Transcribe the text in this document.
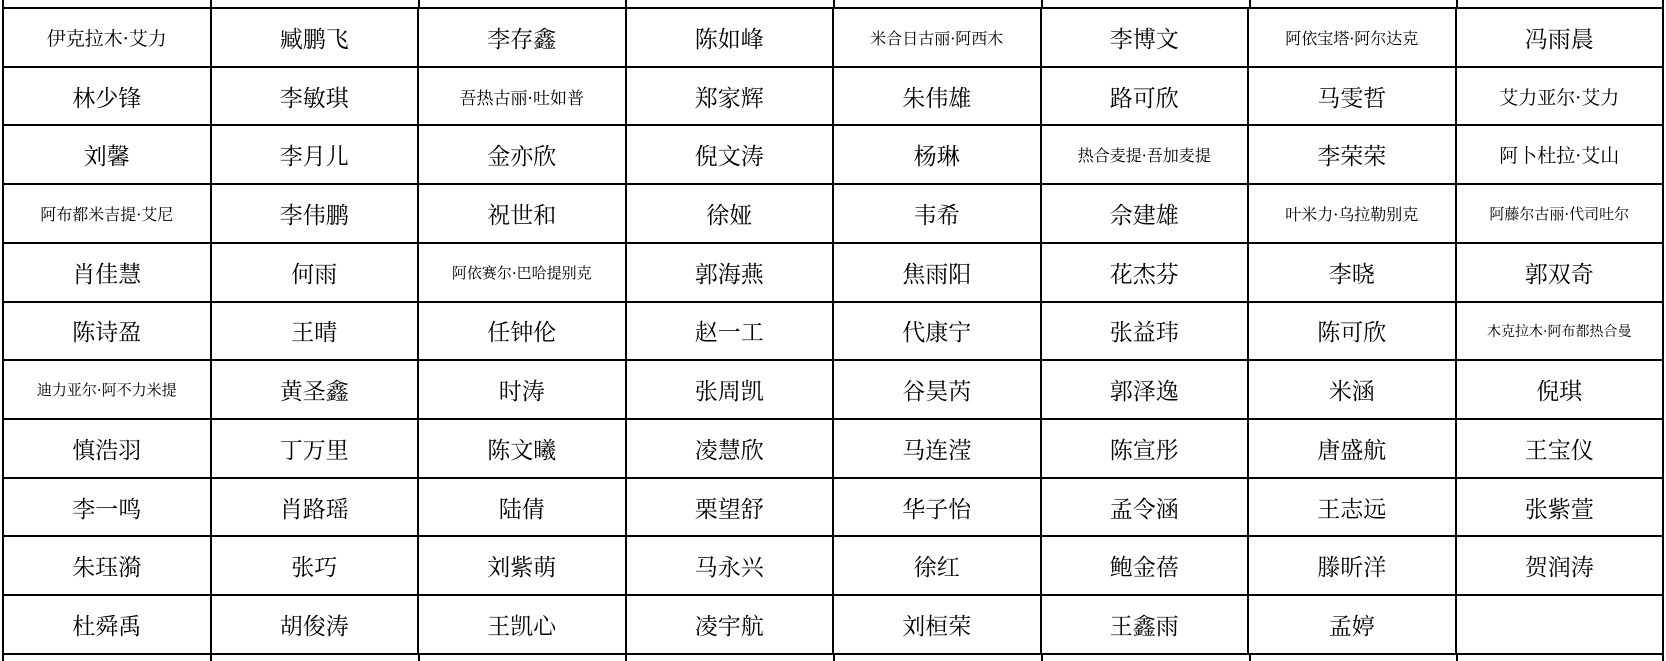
伊克拉木·艾力	臧鹏飞	李存鑫	陈如峰	米合日古丽·阿西木	李博文	阿依宝塔·阿尔达克	冯雨晨
林少锋	李敏琪	吾热古丽·吐如普	郑家辉	朱伟雄	路可欣	马雯哲	艾力亚尔·艾力
刘馨	李月儿	金亦欣	倪文涛	杨琳	热合麦提·吾加麦提	李荣荣	阿卜杜拉·艾山
阿布都米吉提·艾尼	李伟鹏	祝世和	徐娅	韦希	佘建雄	叶米力·乌拉勒别克	阿藤尔古丽·代司吐尔
肖佳慧	何雨	阿依赛尔·巴哈提别克	郭海燕	焦雨阳	花杰芬	李晓	郭双奇
陈诗盈	王晴	任钟伦	赵一工	代康宁	张益玮	陈可欣	木克拉木·阿布都热合曼
迪力亚尔·阿不力米提	黄圣鑫	时涛	张周凯	谷昊芮	郭泽逸	米涵	倪琪
慎浩羽	丁万里	陈文曦	凌慧欣	马连滢	陈宣彤	唐盛航	王宝仪
李一鸣	肖路瑶	陆倩	栗望舒	华子怡	孟令涵	王志远	张紫萱
朱珏漪	张巧	刘紫萌	马永兴	徐红	鲍金蓓	滕昕洋	贺润涛
杜舜禹	胡俊涛	王凯心	凌宇航	刘桓荣	王鑫雨	孟婷	
